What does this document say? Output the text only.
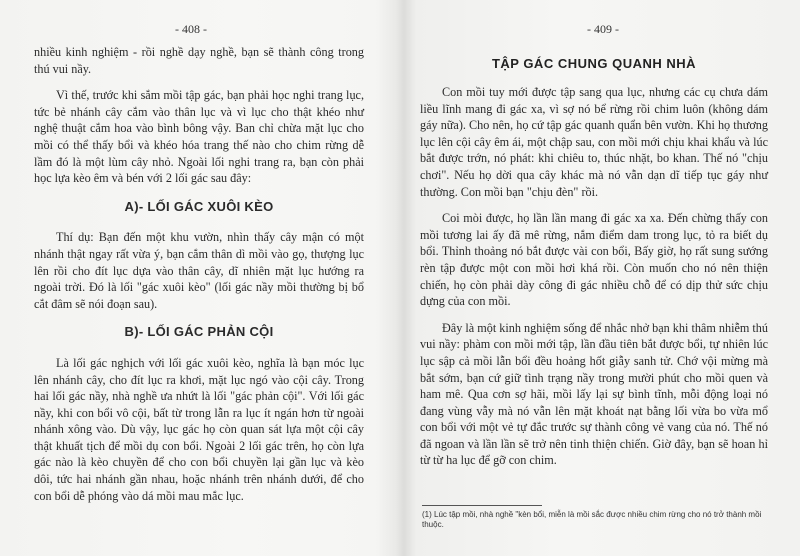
- 408 -

nhiều kinh nghiệm - rồi nghề dạy nghề, bạn sẽ thành công trong thú vui nầy.

Vì thế, trước khi sắm mồi tập gác, bạn phải học nghi trang lục, tức bẻ nhánh cây cắm vào thân lục và vì lục cho thật khéo như nghệ thuật cắm hoa vào bình bông vậy. Ban chỉ chừa mặt lục cho mồi có thể thấy bổi và khéo hóa trang thế nào cho chim rừng dễ lầm đó là một lùm cây nhỏ. Ngoài lối nghi trang ra, bạn còn phải học lựa kèo êm và bén với 2 lối gác sau đây:

A)- LỐI GÁC XUÔI KÈO

Thí dụ: Bạn đến một khu vườn, nhìn thấy cây mận có một nhánh thật ngay rất vừa ý, bạn cắm thân dì mồi vào gọ, thượng lục lên rồi cho đít lục dựa vào thân cây, dĩ nhiên mặt lục hướng ra ngoài trời. Đó là lối "gác xuôi kèo" (lối gác nầy mồi thường bị bổ cắt đâm sẽ nói đoạn sau).

B)- LỐI GÁC PHẢN CỘI

Là lối gác nghịch với lối gác xuôi kèo, nghĩa là bạn móc lục lên nhánh cây, cho đít lục ra khơi, mặt lục ngó vào cội cây. Trong hai lối gác nầy, nhà nghề ưa nhứt là lối "gác phản cội". Với lối gác nầy, khi con bổi vô cội, bất từ trong lẫn ra lục ít ngán hơn từ ngoài nhánh xông vào. Dù vậy, lục gác họ còn quan sát lựa một cội cây thật khuất tịch để mồi dụ con bổi. Ngoài 2 lối gác trên, họ còn lựa gác nào là kèo chuyền để cho con bổi chuyền lại gần lục và kèo dôi, tức hai nhánh gần nhau, hoặc nhánh trên nhánh dưới, để cho con bổi dễ phóng vào dá mồi mau mắc lục.

- 409 -
TẬP GÁC CHUNG QUANH NHÀ

Con mồi tuy mới được tập sang qua lục, nhưng các cụ chưa dám liều lĩnh mang đi gác xa, vì sợ nó bể rừng rồi chim luôn (không dám gáy nữa). Cho nên, họ cứ tập gác quanh quẩn bên vườn. Khi họ thương lục lên cội cây êm ái, một chập sau, con mồi mới chịu khai khẩu và lúc bắt được trớn, nó phát: khi chiêu to, thúc nhặt, bo khan. Thế nó "chịu chơi". Nếu họ dời qua cây khác mà nó vẫn dạn dĩ tiếp tục gáy như thường. Con mồi bạn "chịu đèn" rồi.

Coi mòi được, họ lần lần mang đi gác xa xa. Đến chừng thấy con mồi tương lai ấy đã mê rừng, nắm điểm dam trong lục, tỏ ra biết dụ bổi. Thỉnh thoảng nó bắt được vài con bổi, Bấy giờ, họ rất sung sướng rèn tập được một con mồi hơi khá rồi. Còn muốn cho nó nên thiện chiến, họ còn phải dày công đi gác nhiều chỗ để có dịp thử sức chịu dựng của con mồi.

Đây là một kinh nghiệm sống để nhắc nhở bạn khi thâm nhiễm thú vui nầy: phàm con mồi mới tập, lần đầu tiên bắt được bổi, tự nhiên lúc lục sập cả mồi lẫn bổi đều hoảng hốt giẫy sanh tử. Chớ vội mừng mà bắt sớm, bạn cứ giữ tình trạng nầy trong mười phút cho mồi quen và ham mê. Qua cơn sợ hãi, mồi lấy lại sự bình tĩnh, mỗi động loại nó đang vùng vẫy mà nó vẫn lên mặt khoát nạt bằng lối vừa bo vừa mổ con bổi với một vẻ tự đắc trước sự thành công vẻ vang của nó. Thế nó đã ngoan và lần lần sẽ trở nên tinh thiện chiến. Giờ đây, bạn sẽ hoan hỉ từ từ ha lục để gỡ con chim.

(1) Lúc tập mồi, nhà nghề "kèn bổi, miễn là mồi sắc được nhiều chim rừng cho nó trở thành mồi thuộc.
